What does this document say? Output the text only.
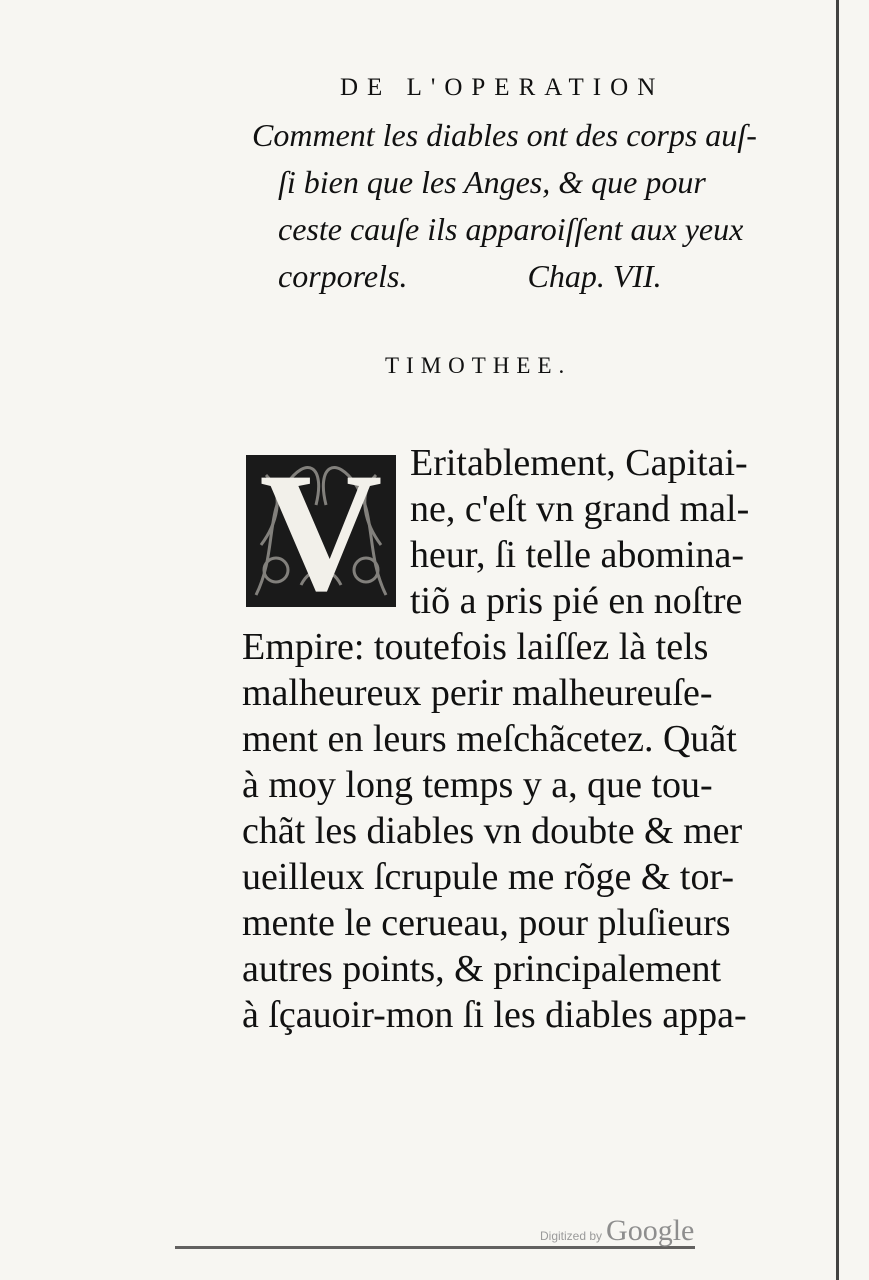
DE L'OPERATION
Comment les diables ont des corps auſ-
ſi bien que les Anges, & que pour
ceste cauſe ils apparoiſſent aux yeux
corporels.	Chap. VII.
TIMOTHEE.
V Eritablement, Capitai-
ne, c'eſt vn grand mal-
heur, ſi telle abomina-
tiõ a pris pié en noſtre
Empire: toutefois laiſſez là tels
malheureux perir malheureuſe-
ment en leurs meſchãcetez. Quãt
à moy long temps y a, que tou-
chãt les diables vn doubte & mer
ueilleux ſcrupule me rõge & tor-
mente le cerueau, pour pluſieurs
autres points, & principalement
à ſçauoir-mon ſi les diables appa-
Digitized by Google
